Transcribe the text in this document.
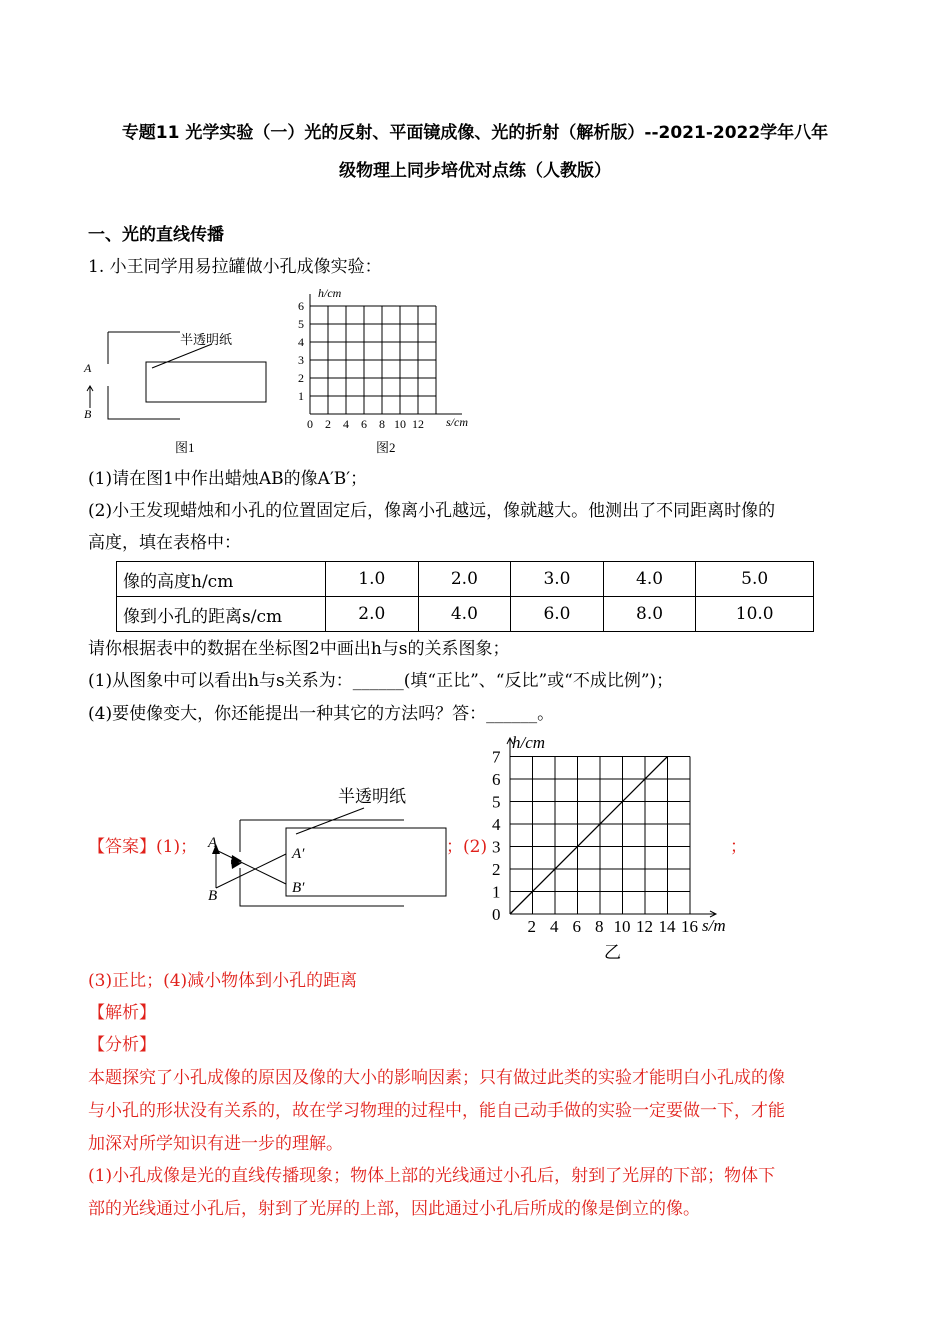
专题11 光学实验（一）光的反射、平面镜成像、光的折射（解析版）--2021-2022学年八年
级物理上同步培优对点练（人教版）
一、光的直线传播
1. 小王同学用易拉罐做小孔成像实验：
半透明纸
A
B
图1
h/cm
s/cm
6
5
4
3
2
1
0 2 4 6 8 10 12
图2
(1)请在图1中作出蜡烛AB的像A′B′；
(2)小王发现蜡烛和小孔的位置固定后，像离小孔越远，像就越大。他测出了不同距离时像的
高度，填在表格中：
像的高度h/cm	1.0	2.0	3.0	4.0	5.0
像到小孔的距离s/cm	2.0	4.0	6.0	8.0	10.0
请你根据表中的数据在坐标图2中画出h与s的关系图象；
(1)从图象中可以看出h与s关系为：______(填“正比”、“反比”或“不成比例”)；
(4)要使像变大，你还能提出一种其它的方法吗？答：______。
【答案】(1)；	；(2)	；
半透明纸
A
B
A′
B′
h/cm
s/m
7
6
5
4
3
2
1
0
2 4 6 8 10 12 14 16
乙
(3)正比；(4)减小物体到小孔的距离
【解析】
【分析】
本题探究了小孔成像的原因及像的大小的影响因素；只有做过此类的实验才能明白小孔成的像
与小孔的形状没有关系的，故在学习物理的过程中，能自己动手做的实验一定要做一下，才能
加深对所学知识有进一步的理解。
(1)小孔成像是光的直线传播现象；物体上部的光线通过小孔后，射到了光屏的下部；物体下
部的光线通过小孔后，射到了光屏的上部，因此通过小孔后所成的像是倒立的像。
